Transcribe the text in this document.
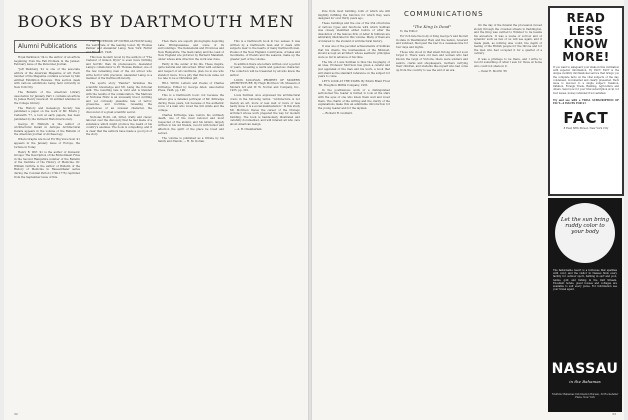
BOOKS BY DARTMOUTH MEN
Alumni Publications

Royal Parkinson '34 is the author of an article beginning from the Fall Problem in the Januar-February issue of the Personnel Journal.

"Jeff Weinberg '41 is one of the associate editors of the American Magazine of Art. Each number of the Magazine contains a review by him entitled Exhibition Reviews. This section deals with various exhibitions being held currently in New York City.

The Bulletin of the American Library Association for January, Part I, contains an article by James Henry Guersoid 19 entitled Alumnus in the College Library.

The History and Genealogy Society has published a paper on the work of Mr. Edwin J. Cadwalth '77, a look at early papers, has been published by the Vermont Historical Society.

George W. Hildreth is the author of Architectural Detail in Antique Architectural Details appears in the volume of the Bulletin of the American Journal of Archaeology.

Where Graphs Are Good For Big Voice Soul '41 appears in the January issue of Europe, the fortune in Today.

Henry R. Wirt '41 is the author of Domestic Groups: The Description of the Embodiment Fires in the Second Hampshire number of the Bulletin of the Institute of the History of Medicine. Dr. William Guthrie is the author of Bulletin of the History of Medicine in Hausenthaler series during the Colonial Period (1700-1776) reprinted from the September issue of this.

THE NOTEBOOK OF NICHOLAS HOLTZ being the weird tale of the leaning tower. By Thomas Painter and Alexander Laing. New York: Farrar and Rinehart, 1946.

This new modern novel by the authors of "The Cadaver of Gideon Wyck" is even more thrilling and horrific than its predecessors. Alexander Laing's collaborator is Dr. Thomas Painter, one of the few remaining men of the old school who write horror with precision. Alexander Laing, is a member of the Dartmouth faculty.

The sports story "Painter" furnishes the scientific knowledge and Mr. Laing the fictional skill. The resulting tale is vivid and is blended with the results of the collaboration. The Mellows of Nicholas Holtz is an unusually blood curdling and yet curiously plausible tale of terror, gruesome, and horrible, revealing the experiences of an unusual character, the discoverer of a great scientific secret.

Nicholas Holtz, old, bitter, crafty and clever, labored over the discovery that he had made of a substance which might produce the death of his country's enemies. The book is compelling, and it is clear that the authors have made a good job of the story.

Then there are superb photographs depicting Lake Winnipesaukee and some of its surroundings. The Kennebunk and Provinces and New Hampshire. The main valley and the coast of New England are pictured by Bernard Mansfeld, under whose able direction the work was done.

Fairly in the center of his life. These inspire, quite natural and untouched. What with evidence and respect of all conditions, plan, he is one who stands it more. It is a pity that this book came out too late to be a Christmas gift.

HILL WIND, Letters and Poems of Charles Kittredge. Edited by George Allen. Association Press, 1946. pp. 196.

This is a Dartmouth book: not because the letters give a detailed portrayal of Mr. Kittredge during those years, but because of the authentic voice of a man who loved the hill winds and the college.

Charles Kittredge was, before his untimely death, one of the most beloved and most respected of the alumni, and his letters, largely written to his old friends, record with humor and affection the spirit of the place he loved and served.

The volume is published as a tribute by his family and friends. — H. M. Dorian.

This is a Dartmouth book in two senses: it was written by a Dartmouth man and it deals with subjects dear to the hearts of many Dartmouth men. Poems of the New England countryside, of lakes and mountains, of friends and the seasons, make up the greater part of the volume.

In addition there are letters written over a period of years, revealing a warm and generous character. The collection will be treasured by all who knew the author.

LOUIS SULLIVAN, PROPHET OF MODERN ARCHITECTURE. By Hugh Morrison '26. Museum of Modern Art and W. W. Norton and Company, Inc., 1935. pp. 391.

Louis Sullivan once expressed his architectural credo in the following terms: "Architecture is not merely an art, more or less well or more or less badly done; it is a social manifestation." In this study Mr. Morrison traces the career of the Chicago architect whose work prepared the way for modern building. The book is handsomely illustrated and carefully documented, and will interest all who care about American design.

— A. B. Chamberlain.

32

Pole from most building, both of which are still mightily fulfilling the function for which they were designed for over thirty years ago.

These buildings and the one of the 254 structures of various types and functions with which Sullivan was closely identified either before or after the dissolution of the famous firm of Adler & Sullivan are admirably illustrated in this volume. Many of them are of interest to the student of architectural history.

It was one of the peculiar achievements of Sullivan that his clients, the businessmen of the Midwest, should accept an architect whose aesthetic principles were so far in advance of his time.

The life of Louis Sullivan is thus the biography of an idea. Professor Morrison has given a careful and just appraisal of the man and his work, a book that will stand as the standard reference on the subject for years to come.

LET'S LOOK AT THE STARS. By Edwin Brant Frost '86. Houghton Mifflin Company, 1935.

In the posthumous work of a distinguished astronomer the reader is invited to look at the stars with the eyes of one who knew them well and loved them. The charm of the writing and the clarity of the explanations make this an admirable introduction for the young reader and for the layman.

— Richard H. Goddard.

COMMUNICATIONS
"The King Is Dead"

To the Editor:

For rich fare the body of King George V and his fair in state in Westminster Hall, and the nation, reverent and subdued, filed past the bier in a ceaseless line for four days and nights.

Those who stood in that silent throng will not soon forget it. There were old men and women who had known the reign of Victoria, there were soldiers and sailors, clerks and shopkeepers, mothers carrying their children, and students like myself who had come up from the country to see the end of an era.

On the day of the funeral the procession moved slowly through the crowded streets to Paddington, and the King was carried to Windsor to lie beside his ancestors. It was a scene of sorrow and of splendor such as few of us will see again, and it made plain, as nothing else could, the depth of feeling of the British people for the throne and for the man who had occupied it for a quarter of a century.

It was a privilege to be there, and I write to record something of what I saw for those at home who could not share in it.

— Peter E. Morrill '36

READ LESS KNOW MORE!
If you want to safeguard your stake in this civilization with superior information, try FACT. FACT is the unique monthly informational service that brings you the complete facts on the vital subjects of the day, condensed, documented and clearly presented. Each issue is devoted to a single subject: Taxation, Inflation, Foreign Trade, Banking, Agriculture and others. Send now for your trial subscription at $1 for four issues, money refunded if not satisfied.
Try and see with a TRIAL SUBSCRIPTION OF FACT—4 ISSUES FOR $1
FACT
8 East 38th Street, New York City
Let the sun bring ruddy color to your body
The fashionable resort is a hothouse that sparkles with color, and the visitor in Nassau finds every facility for outdoor sport, bathing in surf and pool, tennis, golf, and fishing in the Gulf Stream. Excellent hotels, guest houses and cottages are available to suit every purse. For information see your travel agent.
NASSAU
in the Bahamas
NASSAU Bahamas Information Bureau, 30 Rockefeller Plaza, New York
33
